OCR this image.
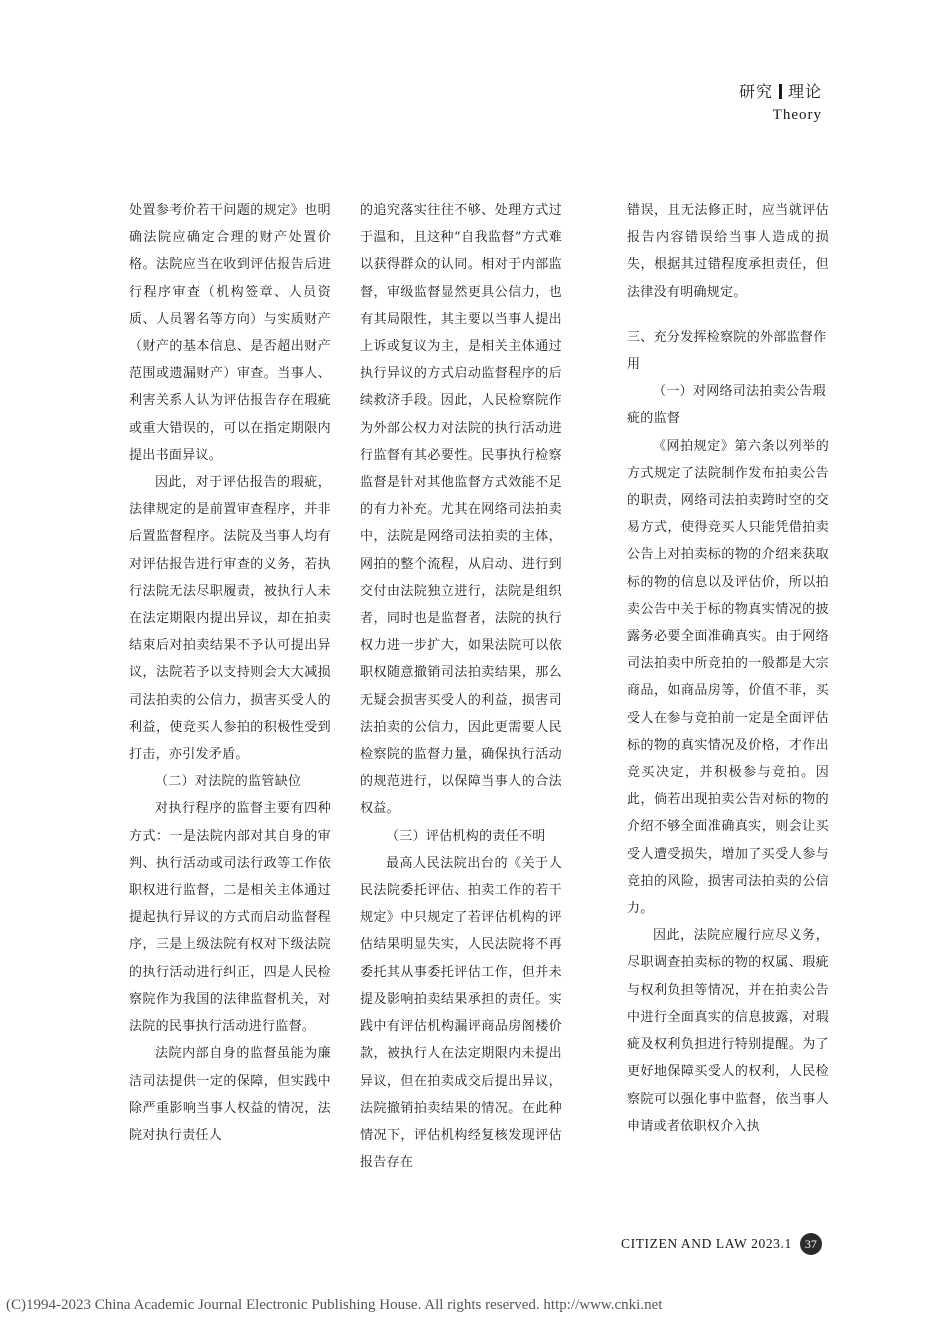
研究 理论
Theory

处置参考价若干问题的规定》也明确法院应确定合理的财产处置价格。法院应当在收到评估报告后进行程序审查（机构签章、人员资质、人员署名等方向）与实质财产（财产的基本信息、是否超出财产范围或遗漏财产）审查。当事人、利害关系人认为评估报告存在瑕疵或重大错误的，可以在指定期限内提出书面异议。

因此，对于评估报告的瑕疵，法律规定的是前置审查程序，并非后置监督程序。法院及当事人均有对评估报告进行审查的义务，若执行法院无法尽职履责，被执行人未在法定期限内提出异议，却在拍卖结束后对拍卖结果不予认可提出异议，法院若予以支持则会大大减损司法拍卖的公信力，损害买受人的利益，使竞买人参拍的积极性受到打击，亦引发矛盾。

（二）对法院的监管缺位

对执行程序的监督主要有四种方式：一是法院内部对其自身的审判、执行活动或司法行政等工作依职权进行监督，二是相关主体通过提起执行异议的方式而启动监督程序，三是上级法院有权对下级法院的执行活动进行纠正，四是人民检察院作为我国的法律监督机关，对法院的民事执行活动进行监督。

法院内部自身的监督虽能为廉洁司法提供一定的保障，但实践中除严重影响当事人权益的情况，法院对执行责任人

的追究落实往往不够、处理方式过于温和，且这种“自我监督”方式难以获得群众的认同。相对于内部监督，审级监督显然更具公信力，也有其局限性，其主要以当事人提出上诉或复议为主，是相关主体通过执行异议的方式启动监督程序的后续救济手段。因此，人民检察院作为外部公权力对法院的执行活动进行监督有其必要性。民事执行检察监督是针对其他监督方式效能不足的有力补充。尤其在网络司法拍卖中，法院是网络司法拍卖的主体，网拍的整个流程，从启动、进行到交付由法院独立进行，法院是组织者，同时也是监督者，法院的执行权力进一步扩大，如果法院可以依职权随意撤销司法拍卖结果，那么无疑会损害买受人的利益，损害司法拍卖的公信力，因此更需要人民检察院的监督力量，确保执行活动的规范进行，以保障当事人的合法权益。

（三）评估机构的责任不明

最高人民法院出台的《关于人民法院委托评估、拍卖工作的若干规定》中只规定了若评估机构的评估结果明显失实，人民法院将不再委托其从事委托评估工作，但并未提及影响拍卖结果承担的责任。实践中有评估机构漏评商品房阁楼价款，被执行人在法定期限内未提出异议，但在拍卖成交后提出异议，法院撤销拍卖结果的情况。在此种情况下，评估机构经复核发现评估报告存在

错误，且无法修正时，应当就评估报告内容错误给当事人造成的损失，根据其过错程度承担责任，但法律没有明确规定。

三、充分发挥检察院的外部监督作用
（一）对网络司法拍卖公告瑕疵的监督

《网拍规定》第六条以列举的方式规定了法院制作发布拍卖公告的职责，网络司法拍卖跨时空的交易方式，使得竞买人只能凭借拍卖公告上对拍卖标的物的介绍来获取标的物的信息以及评估价，所以拍卖公告中关于标的物真实情况的披露务必要全面准确真实。由于网络司法拍卖中所竞拍的一般都是大宗商品，如商品房等，价值不菲，买受人在参与竞拍前一定是全面评估标的物的真实情况及价格，才作出竞买决定，并积极参与竞拍。因此，倘若出现拍卖公告对标的物的介绍不够全面准确真实，则会让买受人遭受损失，增加了买受人参与竞拍的风险，损害司法拍卖的公信力。

因此，法院应履行应尽义务，尽职调查拍卖标的物的权属、瑕疵与权利负担等情况，并在拍卖公告中进行全面真实的信息披露，对瑕疵及权利负担进行特别提醒。为了更好地保障买受人的权利，人民检察院可以强化事中监督，依当事人申请或者依职权介入执

CITIZEN AND LAW 2023.1	37
(C)1994-2023 China Academic Journal Electronic Publishing House. All rights reserved. http://www.cnki.net
